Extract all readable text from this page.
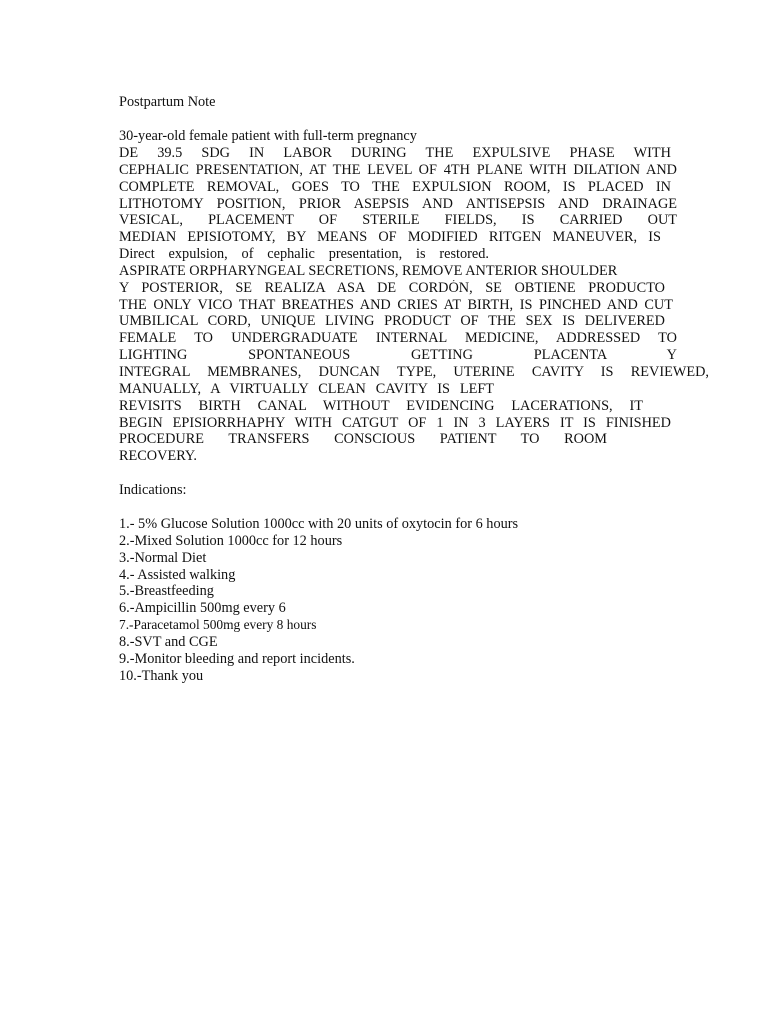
Postpartum Note
30-year-old female patient with full-term pregnancy
DE 39.5 SDG IN LABOR DURING THE EXPULSIVE PHASE WITH
CEPHALIC PRESENTATION, AT THE LEVEL OF 4TH PLANE WITH DILATION AND
COMPLETE REMOVAL, GOES TO THE EXPULSION ROOM, IS PLACED IN
LITHOTOMY POSITION, PRIOR ASEPSIS AND ANTISEPSIS AND DRAINAGE
VESICAL, PLACEMENT OF STERILE FIELDS, IS CARRIED OUT
MEDIAN EPISIOTOMY, BY MEANS OF MODIFIED RITGEN MANEUVER, IS
Direct expulsion, of cephalic presentation, is restored.
ASPIRATE ORPHARYNGEAL SECRETIONS, REMOVE ANTERIOR SHOULDER
Y POSTERIOR, SE REALIZA ASA DE CORDÓN, SE OBTIENE PRODUCTO
THE ONLY VICO THAT BREATHES AND CRIES AT BIRTH, IS PINCHED AND CUT
UMBILICAL CORD, UNIQUE LIVING PRODUCT OF THE SEX IS DELIVERED
FEMALE TO UNDERGRADUATE INTERNAL MEDICINE, ADDRESSED TO
LIGHTING SPONTANEOUS GETTING PLACENTA Y
INTEGRAL MEMBRANES, DUNCAN TYPE, UTERINE CAVITY IS REVIEWED,
MANUALLY, A VIRTUALLY CLEAN CAVITY IS LEFT
REVISITS BIRTH CANAL WITHOUT EVIDENCING LACERATIONS, IT
BEGIN EPISIORRHAPHY WITH CATGUT OF 1 IN 3 LAYERS IT IS FINISHED
PROCEDURE TRANSFERS CONSCIOUS PATIENT TO ROOM
RECOVERY.
Indications:
1.- 5% Glucose Solution 1000cc with 20 units of oxytocin for 6 hours
2.-Mixed Solution 1000cc for 12 hours
3.-Normal Diet
4.- Assisted walking
5.-Breastfeeding
6.-Ampicillin 500mg every 6
7.-Paracetamol 500mg every 8 hours
8.-SVT and CGE
9.-Monitor bleeding and report incidents.
10.-Thank you
